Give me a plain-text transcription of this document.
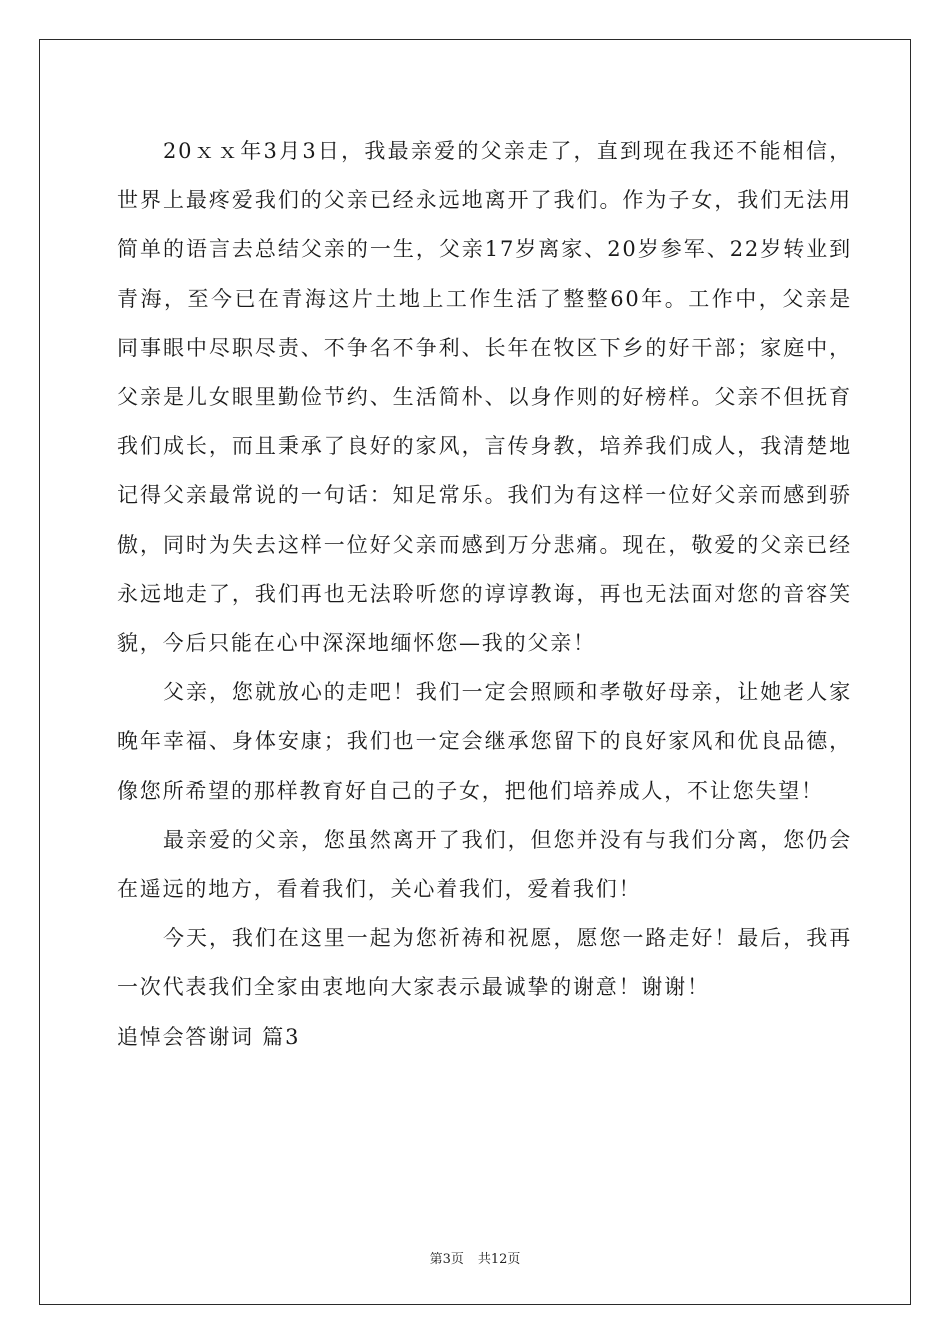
20ｘｘ年3月3日，我最亲爱的父亲走了，直到现在我还不能相信，世界上最疼爱我们的父亲已经永远地离开了我们。作为子女，我们无法用简单的语言去总结父亲的一生，父亲17岁离家、20岁参军、22岁转业到青海，至今已在青海这片土地上工作生活了整整60年。工作中，父亲是同事眼中尽职尽责、不争名不争利、长年在牧区下乡的好干部；家庭中，父亲是儿女眼里勤俭节约、生活简朴、以身作则的好榜样。父亲不但抚育我们成长，而且秉承了良好的家风，言传身教，培养我们成人，我清楚地记得父亲最常说的一句话：知足常乐。我们为有这样一位好父亲而感到骄傲，同时为失去这样一位好父亲而感到万分悲痛。现在，敬爱的父亲已经永远地走了，我们再也无法聆听您的谆谆教诲，再也无法面对您的音容笑貌，今后只能在心中深深地缅怀您—我的父亲！

父亲，您就放心的走吧！我们一定会照顾和孝敬好母亲，让她老人家晚年幸福、身体安康；我们也一定会继承您留下的良好家风和优良品德，像您所希望的那样教育好自己的子女，把他们培养成人，不让您失望！

最亲爱的父亲，您虽然离开了我们，但您并没有与我们分离，您仍会在遥远的地方，看着我们，关心着我们，爱着我们！

今天，我们在这里一起为您祈祷和祝愿，愿您一路走好！最后，我再一次代表我们全家由衷地向大家表示最诚挚的谢意！谢谢！

追悼会答谢词 篇3

第3页 共12页
